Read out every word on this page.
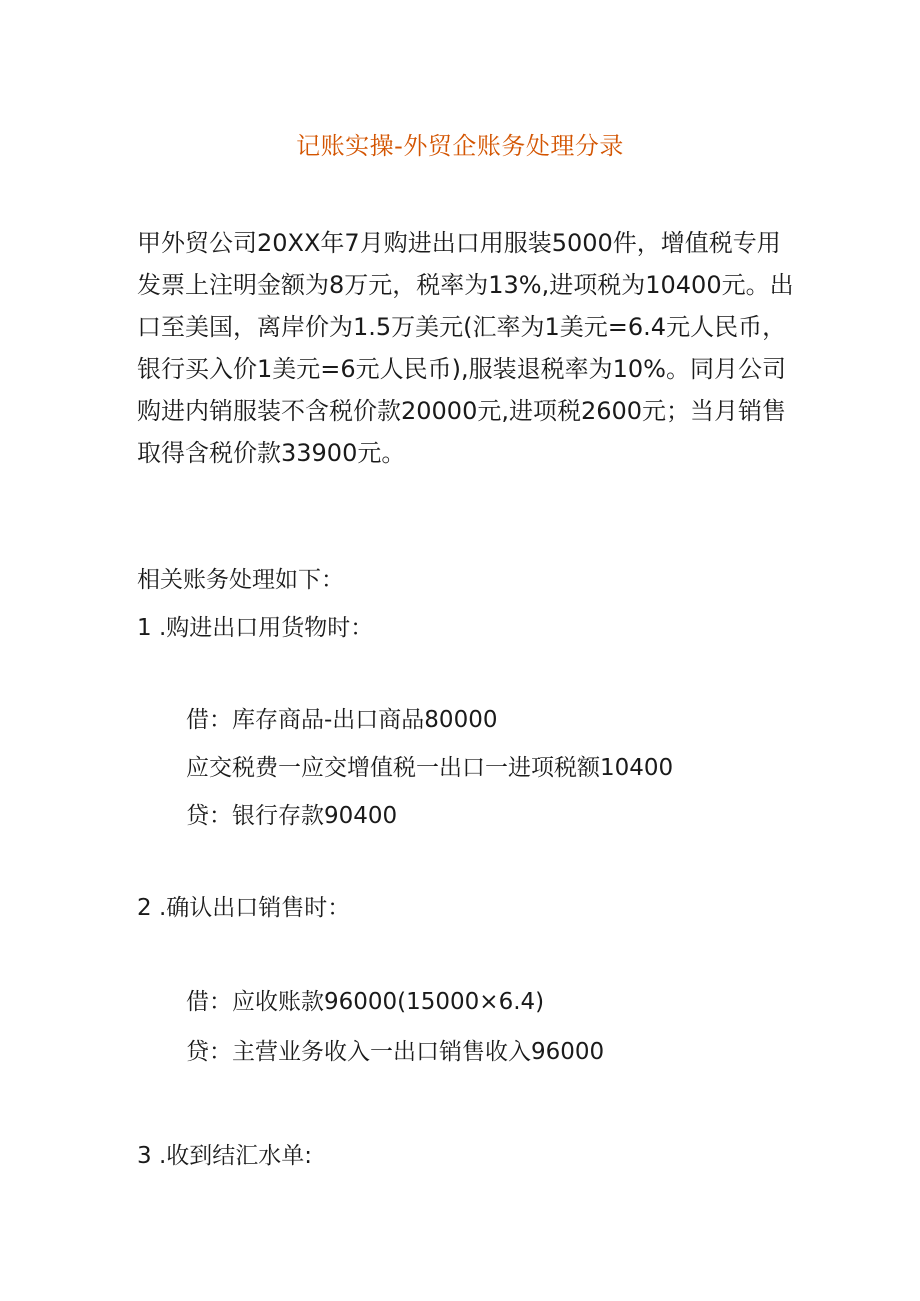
记账实操-外贸企账务处理分录
甲外贸公司20XX年7月购进出口用服装5000件，增值税专用
发票上注明金额为8万元，税率为13%,进项税为10400元。出
口至美国，离岸价为1.5万美元(汇率为1美元=6.4元人民币，
银行买入价1美元=6元人民币),服装退税率为10%。同月公司
购进内销服装不含税价款20000元,进项税2600元；当月销售
取得含税价款33900元。
相关账务处理如下：
1 .购进出口用货物时：
借：库存商品-出口商品80000
应交税费一应交增值税一出口一进项税额10400
贷：银行存款90400
2 .确认出口销售时：
借：应收账款96000(15000×6.4)
贷：主营业务收入一出口销售收入96000
3 .收到结汇水单:
